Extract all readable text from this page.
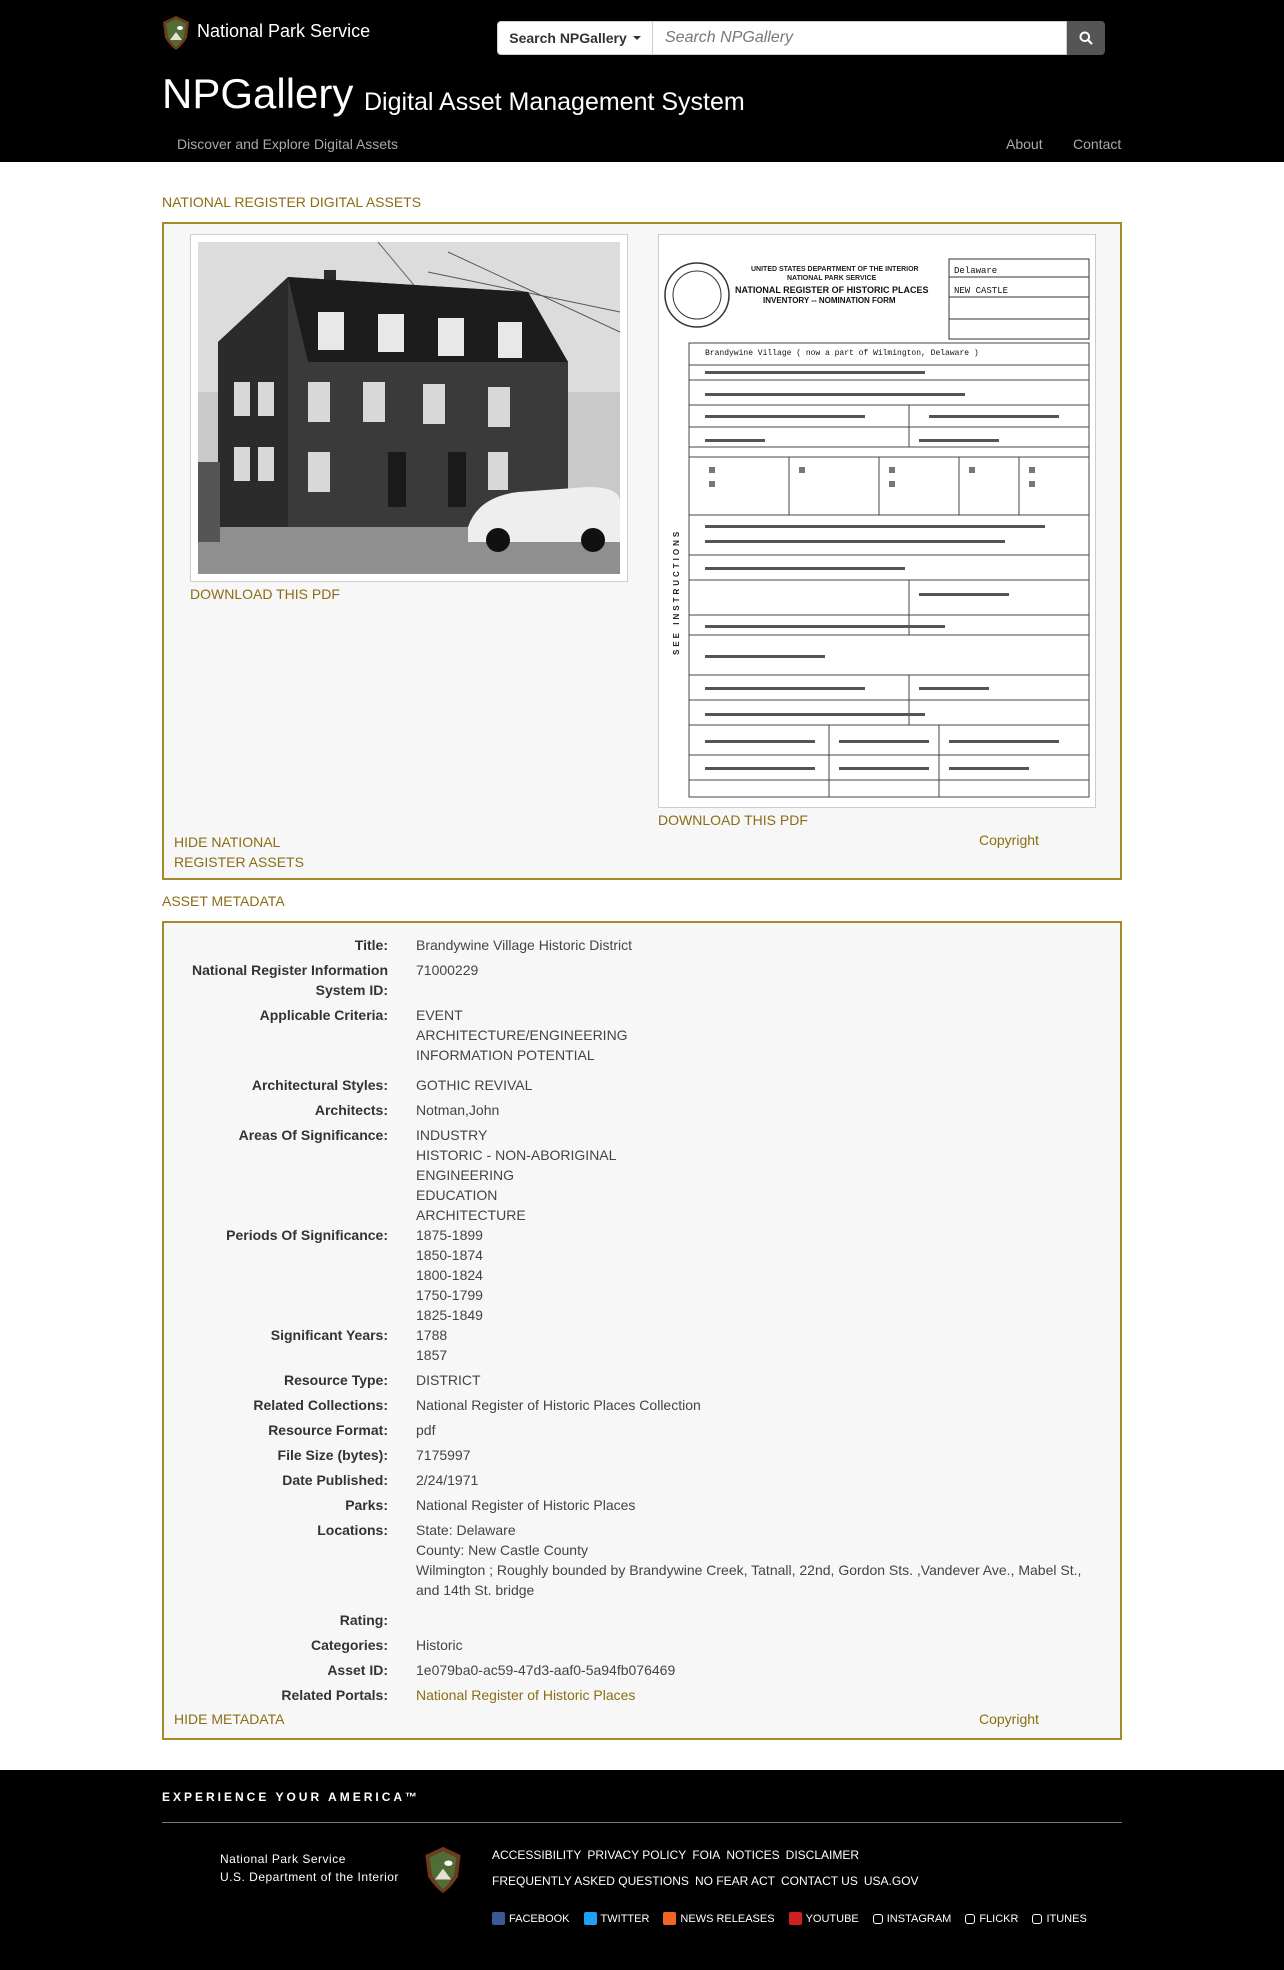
National Park Service	Search NPGallery
Search NPGallery
NPGallery Digital Asset Management System
Discover and Explore Digital Assets	About Contact
NATIONAL REGISTER DIGITAL ASSETS
DOWNLOAD THIS PDF
UNITED STATES DEPARTMENT OF THE INTERIOR
NATIONAL PARK SERVICE
NATIONAL REGISTER OF HISTORIC PLACES
INVENTORY -- NOMINATION FORM
Delaware
NEW CASTLE
Brandywine Village ( now a part of Wilmington, Delaware )
SEE INSTRUCTIONS
DOWNLOAD THIS PDF
HIDE NATIONAL
REGISTER ASSETS
Copyright
ASSET METADATA
Title: Brandywine Village Historic District
National Register Information System ID:
71000229
Applicable Criteria: EVENT
ARCHITECTURE/ENGINEERING
INFORMATION POTENTIAL
Architectural Styles: GOTHIC REVIVAL
Architects: Notman,John
Areas Of Significance: INDUSTRY
HISTORIC - NON-ABORIGINAL
ENGINEERING
EDUCATION
ARCHITECTURE
Periods Of Significance: 1875-1899
1850-1874
1800-1824
1750-1799
1825-1849
Significant Years: 1788
1857
Resource Type: DISTRICT
Related Collections: National Register of Historic Places Collection
Resource Format: pdf
File Size (bytes): 7175997
Date Published: 2/24/1971
Parks: National Register of Historic Places
Locations: State: Delaware
County: New Castle County
Wilmington ; Roughly bounded by Brandywine Creek, Tatnall, 22nd, Gordon Sts. ,Vandever Ave., Mabel St., and 14th St. bridge
Rating:
Categories: Historic
Asset ID: 1e079ba0-ac59-47d3-aaf0-5a94fb076469
Related Portals: National Register of Historic Places
HIDE METADATA	Copyright
EXPERIENCE YOUR AMERICA™
National Park Service
U.S. Department of the Interior
ACCESSIBILITY PRIVACY POLICY FOIA NOTICES DISCLAIMER
FREQUENTLY ASKED QUESTIONS NO FEAR ACT CONTACT US USA.GOV
FACEBOOK	TWITTER	NEWS RELEASES	YOUTUBE	INSTAGRAM	FLICKR	ITUNES
